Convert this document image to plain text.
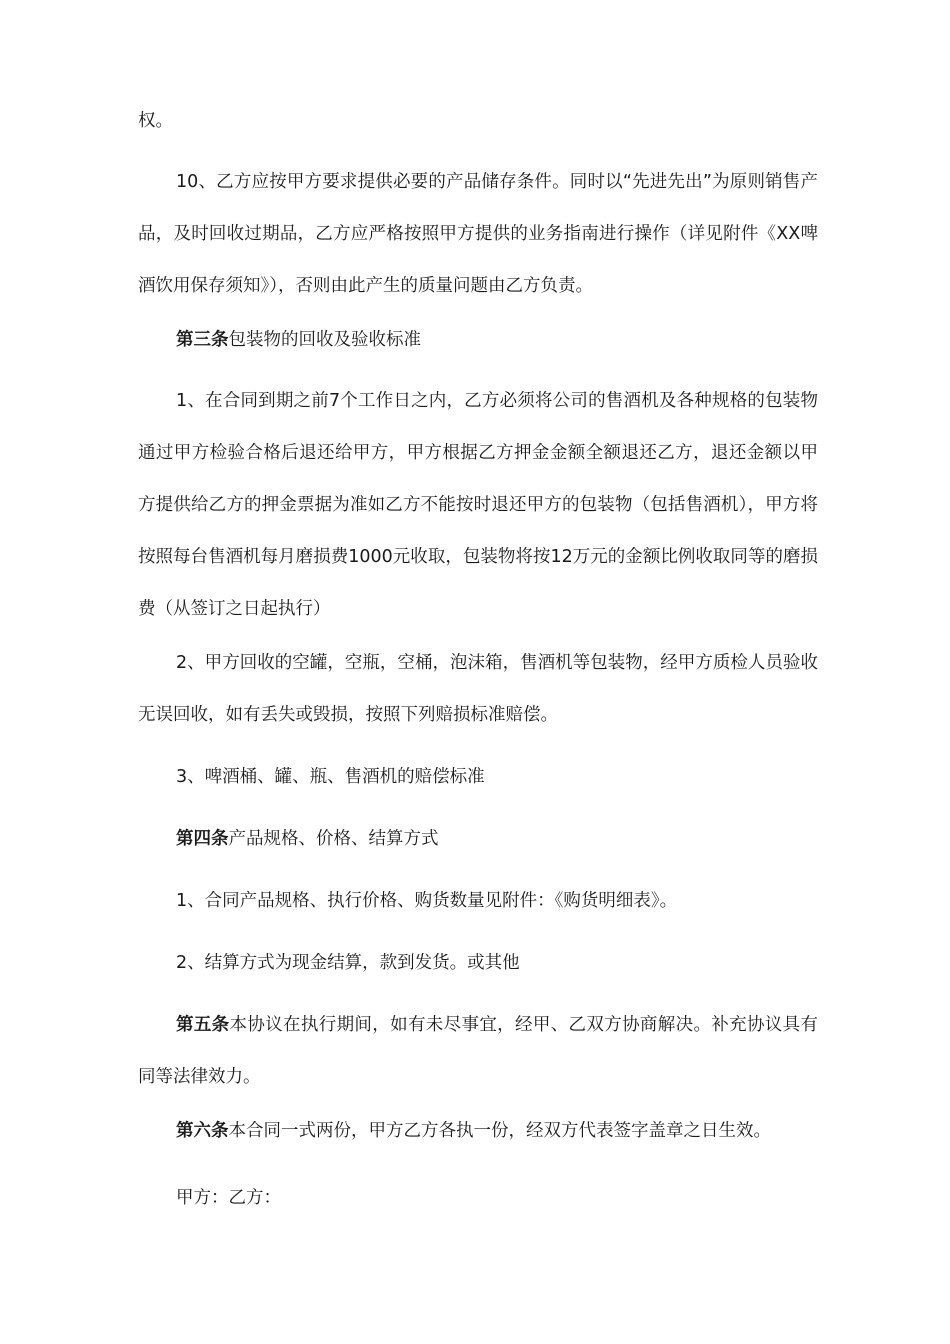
权。

10、乙方应按甲方要求提供必要的产品储存条件。同时以“先进先出”为原则销售产品，及时回收过期品，乙方应严格按照甲方提供的业务指南进行操作（详见附件《XX啤酒饮用保存须知》），否则由此产生的质量问题由乙方负责。

第三条包装物的回收及验收标准

1、在合同到期之前7个工作日之内，乙方必须将公司的售酒机及各种规格的包装物通过甲方检验合格后退还给甲方，甲方根据乙方押金金额全额退还乙方，退还金额以甲方提供给乙方的押金票据为准如乙方不能按时退还甲方的包装物（包括售酒机），甲方将按照每台售酒机每月磨损费1000元收取，包装物将按12万元的金额比例收取同等的磨损费（从签订之日起执行）

2、甲方回收的空罐，空瓶，空桶，泡沫箱，售酒机等包装物，经甲方质检人员验收无误回收，如有丢失或毁损，按照下列赔损标准赔偿。

3、啤酒桶、罐、瓶、售酒机的赔偿标准

第四条产品规格、价格、结算方式

1、合同产品规格、执行价格、购货数量见附件：《购货明细表》。

2、结算方式为现金结算，款到发货。或其他

第五条本协议在执行期间，如有未尽事宜，经甲、乙双方协商解决。补充协议具有同等法律效力。

第六条本合同一式两份，甲方乙方各执一份，经双方代表签字盖章之日生效。

甲方：乙方：
